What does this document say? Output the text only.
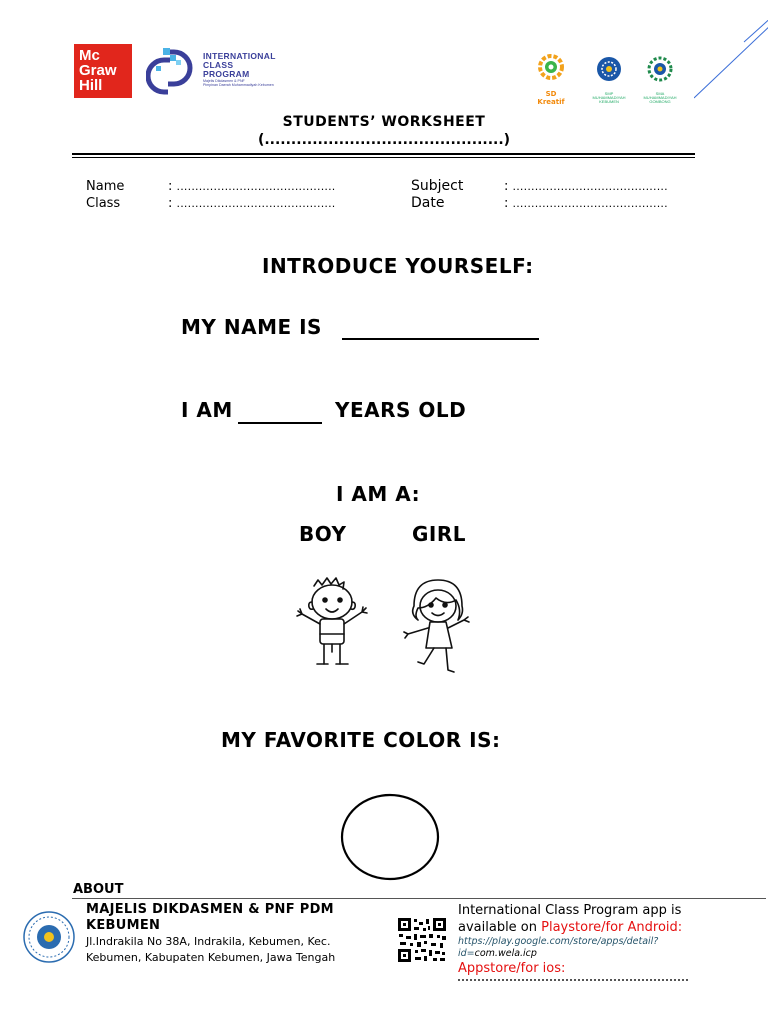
Mc
Graw
Hill
INTERNATIONAL
CLASS
PROGRAM
Majelis Dikdasmen & PNF
Pimpinan Daerah Muhammadiyah Kebumen
SD Kreatif
SMP MUHAMMADIYAH KEBUMEN
SMA MUHAMMADIYAH GOMBONG
STUDENTS’ WORKSHEET
(.............................................)
Name
Class
: ...........................................
: ...........................................
Subject
Date
: ..........................................
: ..........................................
INTRODUCE YOURSELF:
MY NAME IS
I AM	YEARS OLD
I AM A:
BOY	GIRL
MY FAVORITE COLOR IS:
ABOUT
MAJELIS DIKDASMEN & PNF PDM
KEBUMEN
Jl.Indrakila No 38A, Indrakila, Kebumen, Kec.
Kebumen, Kabupaten Kebumen, Jawa Tengah
International Class Program app is
available on Playstore/for Android:
https://play.google.com/store/apps/detail?
id=com.wela.icp
Appstore/for ios:
